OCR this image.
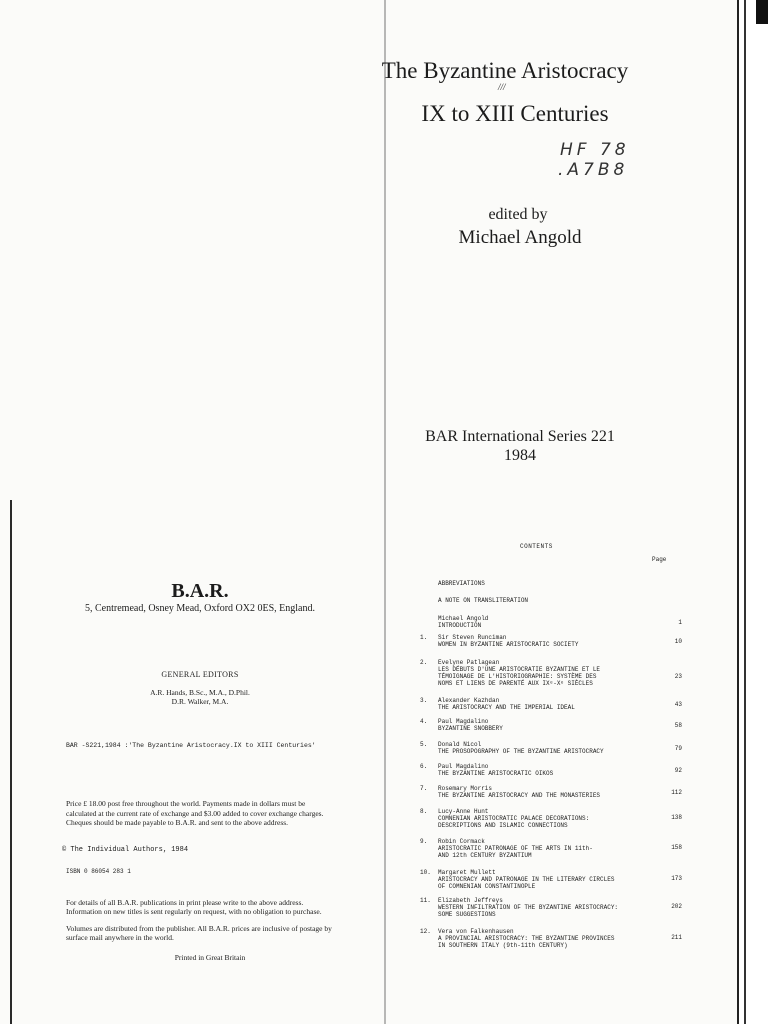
The Byzantine Aristocracy
///
IX to XIII Centuries
HF 78
.A7B8
edited by
Michael Angold
BAR International Series 221
1984
B.A.R.
5, Centremead, Osney Mead, Oxford OX2 0ES, England.
GENERAL EDITORS
A.R. Hands, B.Sc., M.A., D.Phil.
D.R. Walker, M.A.
BAR -S221,1984 :'The Byzantine Aristocracy.IX to XIII Centuries'
Price £ 18.00 post free throughout the world. Payments made in dollars must be calculated at the current rate of exchange and $3.00 added to cover exchange charges. Cheques should be made payable to B.A.R. and sent to the above address.
© The Individual Authors, 1984
ISBN 0 86054 283 1
For details of all B.A.R. publications in print please write to the above address. Information on new titles is sent regularly on request, with no obligation to purchase.
Volumes are distributed from the publisher. All B.A.R. prices are inclusive of postage by surface mail anywhere in the world.
Printed in Great Britain
CONTENTS
Page
ABBREVIATIONS
A NOTE ON TRANSLITERATION
Michael Angold
INTRODUCTION	1
1.	Sir Steven Runciman
WOMEN IN BYZANTINE ARISTOCRATIC SOCIETY	10
2.	Evelyne Patlagean
LES DÉBUTS D'UNE ARISTOCRATIE BYZANTINE ET LE
TÉMOIGNAGE DE L'HISTORIOGRAPHIE: SYSTÈME DES
NOMS ET LIENS DE PARENTÉ AUX IXᵉ-Xᵉ SIÈCLES
23
3.	Alexander Kazhdan
THE ARISTOCRACY AND THE IMPERIAL IDEAL	43
4.	Paul Magdalino
BYZANTINE SNOBBERY	58
5.	Donald Nicol
THE PROSOPOGRAPHY OF THE BYZANTINE ARISTOCRACY	79
6.	Paul Magdalino
THE BYZANTINE ARISTOCRATIC OIKOS	92
7.	Rosemary Morris
THE BYZANTINE ARISTOCRACY AND THE MONASTERIES	112
8.	Lucy-Anne Hunt
COMNENIAN ARISTOCRATIC PALACE DECORATIONS:
DESCRIPTIONS AND ISLAMIC CONNECTIONS
138
9.	Robin Cormack
ARISTOCRATIC PATRONAGE OF THE ARTS IN 11th-
AND 12th CENTURY BYZANTIUM
158
10.	Margaret Mullett
ARISTOCRACY AND PATRONAGE IN THE LITERARY CIRCLES
OF COMNENIAN CONSTANTINOPLE
173
11.	Elizabeth Jeffreys
WESTERN INFILTRATION OF THE BYZANTINE ARISTOCRACY:
SOME SUGGESTIONS
202
12.	Vera von Falkenhausen
A PROVINCIAL ARISTOCRACY: THE BYZANTINE PROVINCES
IN SOUTHERN ITALY (9th-11th CENTURY)
211
